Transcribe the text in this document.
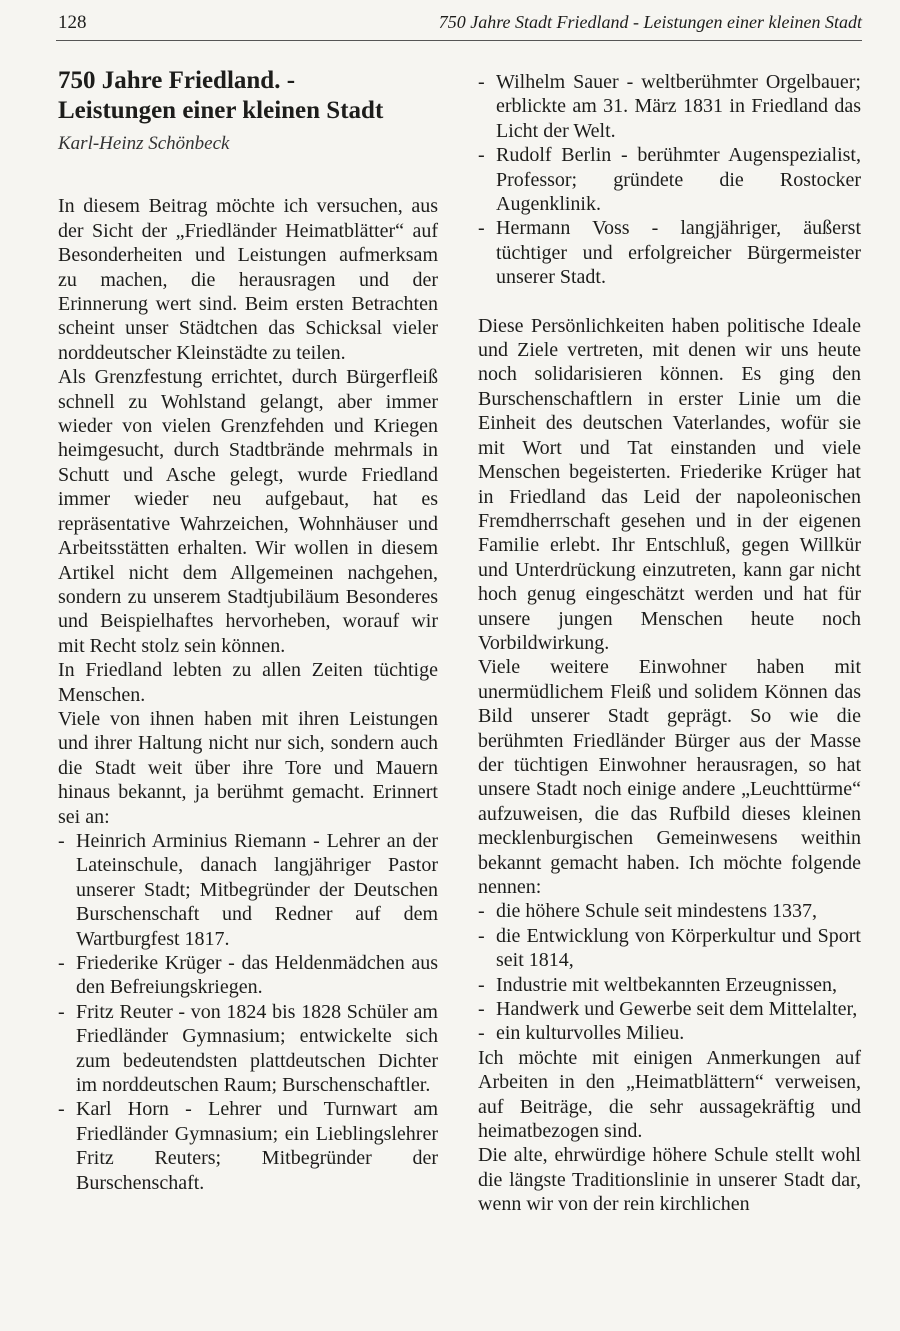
128	750 Jahre Stadt Friedland - Leistungen einer kleinen Stadt
750 Jahre Friedland. -
Leistungen einer kleinen Stadt
Karl-Heinz Schönbeck

In diesem Beitrag möchte ich versuchen, aus der Sicht der „Friedländer Heimatblätter“ auf Besonderheiten und Leistungen aufmerksam zu machen, die herausragen und der Erinnerung wert sind. Beim ersten Betrachten scheint unser Städtchen das Schicksal vieler norddeutscher Kleinstädte zu teilen.

Als Grenzfestung errichtet, durch Bürgerfleiß schnell zu Wohlstand gelangt, aber immer wieder von vielen Grenzfehden und Kriegen heimgesucht, durch Stadtbrände mehrmals in Schutt und Asche gelegt, wurde Friedland immer wieder neu aufgebaut, hat es repräsentative Wahrzeichen, Wohnhäuser und Arbeitsstätten erhalten. Wir wollen in diesem Artikel nicht dem Allgemeinen nachgehen, sondern zu unserem Stadtjubiläum Besonderes und Beispielhaftes hervorheben, worauf wir mit Recht stolz sein können.

In Friedland lebten zu allen Zeiten tüchtige Menschen.

Viele von ihnen haben mit ihren Leistungen und ihrer Haltung nicht nur sich, sondern auch die Stadt weit über ihre Tore und Mauern hinaus bekannt, ja berühmt gemacht. Erinnert sei an:

- Heinrich Arminius Riemann - Lehrer an der Lateinschule, danach langjähriger Pastor unserer Stadt; Mitbegründer der Deutschen Burschenschaft und Redner auf dem Wartburgfest 1817.
- Friederike Krüger - das Heldenmädchen aus den Befreiungskriegen.
- Fritz Reuter - von 1824 bis 1828 Schüler am Friedländer Gymnasium; entwickelte sich zum bedeutendsten plattdeutschen Dichter im norddeutschen Raum; Burschenschaftler.
- Karl Horn - Lehrer und Turnwart am Friedländer Gymnasium; ein Lieblingslehrer Fritz Reuters; Mitbegründer der Burschenschaft.
- Wilhelm Sauer - weltberühmter Orgelbauer; erblickte am 31. März 1831 in Friedland das Licht der Welt.
- Rudolf Berlin - berühmter Augenspezialist, Professor; gründete die Rostocker Augenklinik.
- Hermann Voss - langjähriger, äußerst tüchtiger und erfolgreicher Bürgermeister unserer Stadt.

Diese Persönlichkeiten haben politische Ideale und Ziele vertreten, mit denen wir uns heute noch solidarisieren können. Es ging den Burschenschaftlern in erster Linie um die Einheit des deutschen Vaterlandes, wofür sie mit Wort und Tat einstanden und viele Menschen begeisterten. Friederike Krüger hat in Friedland das Leid der napoleonischen Fremdherrschaft gesehen und in der eigenen Familie erlebt. Ihr Entschluß, gegen Willkür und Unterdrückung einzutreten, kann gar nicht hoch genug eingeschätzt werden und hat für unsere jungen Menschen heute noch Vorbildwirkung.

Viele weitere Einwohner haben mit unermüdlichem Fleiß und solidem Können das Bild unserer Stadt geprägt. So wie die berühmten Friedländer Bürger aus der Masse der tüchtigen Einwohner herausragen, so hat unsere Stadt noch einige andere „Leuchttürme“ aufzuweisen, die das Rufbild dieses kleinen mecklenburgischen Gemeinwesens weithin bekannt gemacht haben. Ich möchte folgende nennen:

- die höhere Schule seit mindestens 1337,
- die Entwicklung von Körperkultur und Sport seit 1814,
- Industrie mit weltbekannten Erzeugnissen,
- Handwerk und Gewerbe seit dem Mittelalter,
- ein kulturvolles Milieu.

Ich möchte mit einigen Anmerkungen auf Arbeiten in den „Heimatblättern“ verweisen, auf Beiträge, die sehr aussagekräftig und heimatbezogen sind.

Die alte, ehrwürdige höhere Schule stellt wohl die längste Traditionslinie in unserer Stadt dar, wenn wir von der rein kirchlichen
